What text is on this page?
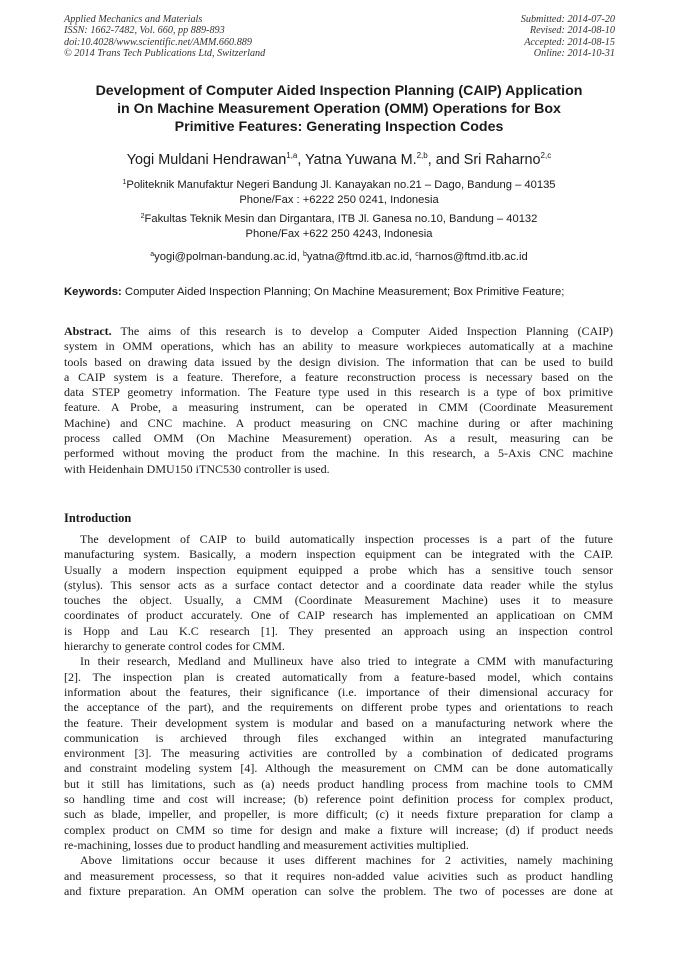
Applied Mechanics and Materials
ISSN: 1662-7482, Vol. 660, pp 889-893
doi:10.4028/www.scientific.net/AMM.660.889
© 2014 Trans Tech Publications Ltd, Switzerland
Submitted: 2014-07-20
Revised: 2014-08-10
Accepted: 2014-08-15
Online: 2014-10-31
Development of Computer Aided Inspection Planning (CAIP) Application
in On Machine Measurement Operation (OMM) Operations for Box
Primitive Features: Generating Inspection Codes
Yogi Muldani Hendrawan$^{1,a}$, Yatna Yuwana M.$^{2,b}$, and Sri Raharno$^{2,c}$
$^1$Politeknik Manufaktur Negeri Bandung Jl. Kanayakan no.21 – Dago, Bandung – 40135
Phone/Fax : +6222 250 0241, Indonesia
$^2$Fakultas Teknik Mesin dan Dirgantara, ITB Jl. Ganesa no.10, Bandung – 40132
Phone/Fax +622 250 4243, Indonesia
$^a$yogi@polman-bandung.ac.id, $^b$yatna@ftmd.itb.ac.id, $^c$harnos@ftmd.itb.ac.id
Keywords: Computer Aided Inspection Planning; On Machine Measurement; Box Primitive Feature;
Abstract. The aims of this research is to develop a Computer Aided Inspection Planning (CAIP)
system in OMM operations, which has an ability to measure workpieces automatically at a machine
tools based on drawing data issued by the design division. The information that can be used to build
a CAIP system is a feature. Therefore, a feature reconstruction process is necessary based on the
data STEP geometry information. The Feature type used in this research is a type of box primitive
feature. A Probe, a measuring instrument, can be operated in CMM (Coordinate Measurement
Machine) and CNC machine. A product measuring on CNC machine during or after machining
process called OMM (On Machine Measurement) operation. As a result, measuring can be
performed without moving the product from the machine. In this research, a 5-Axis CNC machine
with Heidenhain DMU150 iTNC530 controller is used.
Introduction
The development of CAIP to build automatically inspection processes is a part of the future
manufacturing system. Basically, a modern inspection equipment can be integrated with the CAIP.
Usually a modern inspection equipment equipped a probe which has a sensitive touch sensor
(stylus). This sensor acts as a surface contact detector and a coordinate data reader while the stylus
touches the object. Usually, a CMM (Coordinate Measurement Machine) uses it to measure
coordinates of product accurately. One of CAIP research has implemented an applicatioan on CMM
is Hopp and Lau K.C research [1]. They presented an approach using an inspection control
hierarchy to generate control codes for CMM.
In their research, Medland and Mullineux have also tried to integrate a CMM with manufacturing
[2]. The inspection plan is created automatically from a feature-based model, which contains
information about the features, their significance (i.e. importance of their dimensional accuracy for
the acceptance of the part), and the requirements on different probe types and orientations to reach
the feature. Their development system is modular and based on a manufacturing network where the
communication is archieved through files exchanged within an integrated manufacturing
environment [3]. The measuring activities are controlled by a combination of dedicated programs
and constraint modeling system [4]. Although the measurement on CMM can be done automatically
but it still has limitations, such as (a) needs product handling process from machine tools to CMM
so handling time and cost will increase; (b) reference point definition process for complex product,
such as blade, impeller, and propeller, is more difficult; (c) it needs fixture preparation for clamp a
complex product on CMM so time for design and make a fixture will increase; (d) if product needs
re-machining, losses due to product handling and measurement activities multiplied.
Above limitations occur because it uses different machines for 2 activities, namely machining
and measurement processess, so that it requires non-added value acivities such as product handling
and fixture preparation. An OMM operation can solve the problem. The two of pocesses are done at
